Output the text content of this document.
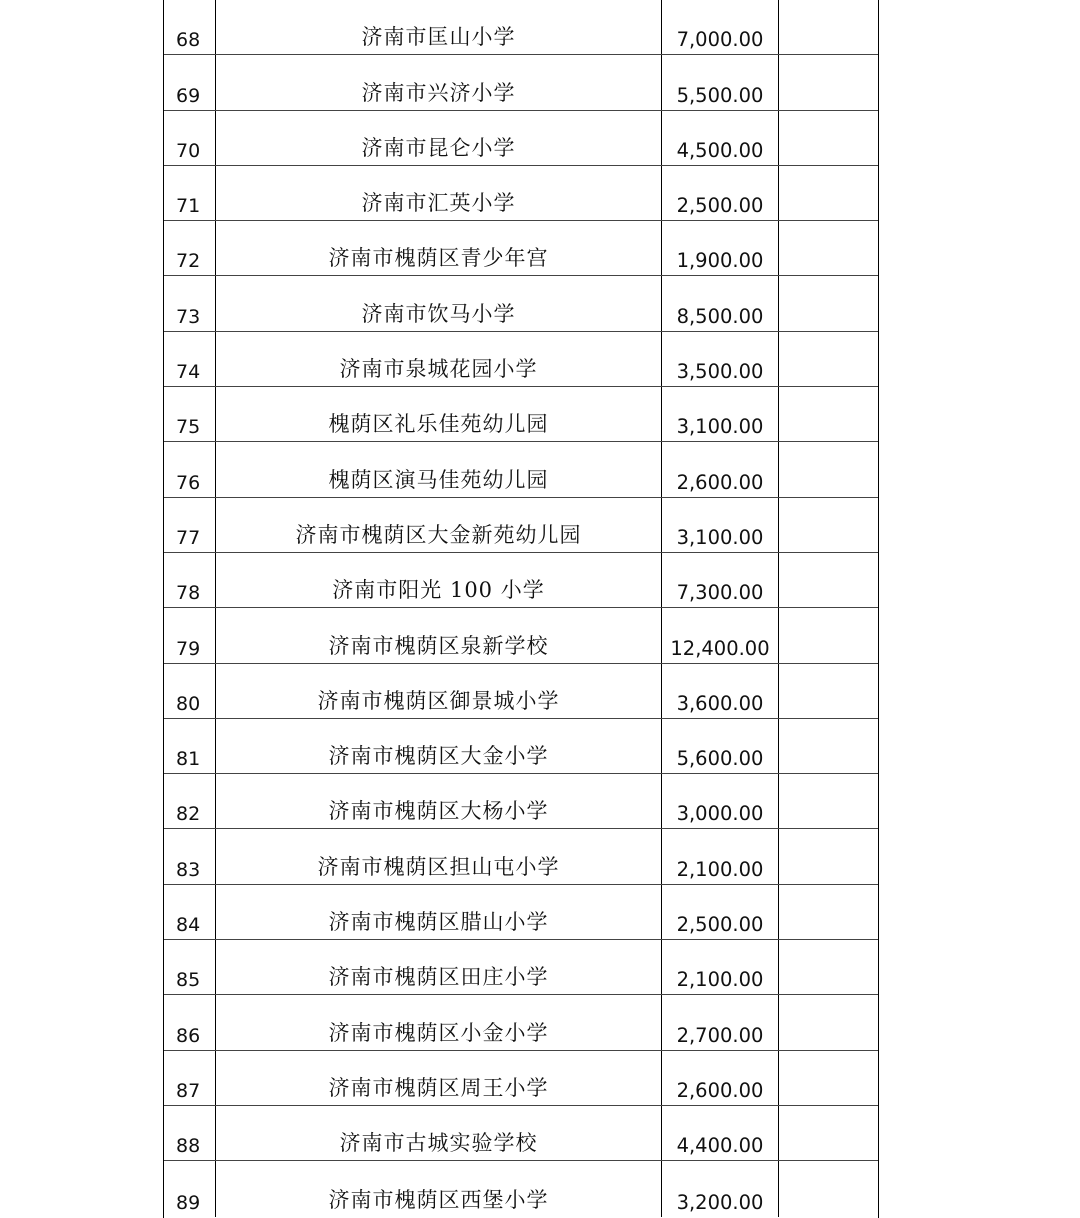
68	济南市匡山小学	7,000.00
69	济南市兴济小学	5,500.00
70	济南市昆仑小学	4,500.00
71	济南市汇英小学	2,500.00
72	济南市槐荫区青少年宫	1,900.00
73	济南市饮马小学	8,500.00
74	济南市泉城花园小学	3,500.00
75	槐荫区礼乐佳苑幼儿园	3,100.00
76	槐荫区演马佳苑幼儿园	2,600.00
77	济南市槐荫区大金新苑幼儿园	3,100.00
78	济南市阳光 100 小学	7,300.00
79	济南市槐荫区泉新学校	12,400.00
80	济南市槐荫区御景城小学	3,600.00
81	济南市槐荫区大金小学	5,600.00
82	济南市槐荫区大杨小学	3,000.00
83	济南市槐荫区担山屯小学	2,100.00
84	济南市槐荫区腊山小学	2,500.00
85	济南市槐荫区田庄小学	2,100.00
86	济南市槐荫区小金小学	2,700.00
87	济南市槐荫区周王小学	2,600.00
88	济南市古城实验学校	4,400.00
89	济南市槐荫区西堡小学	3,200.00
